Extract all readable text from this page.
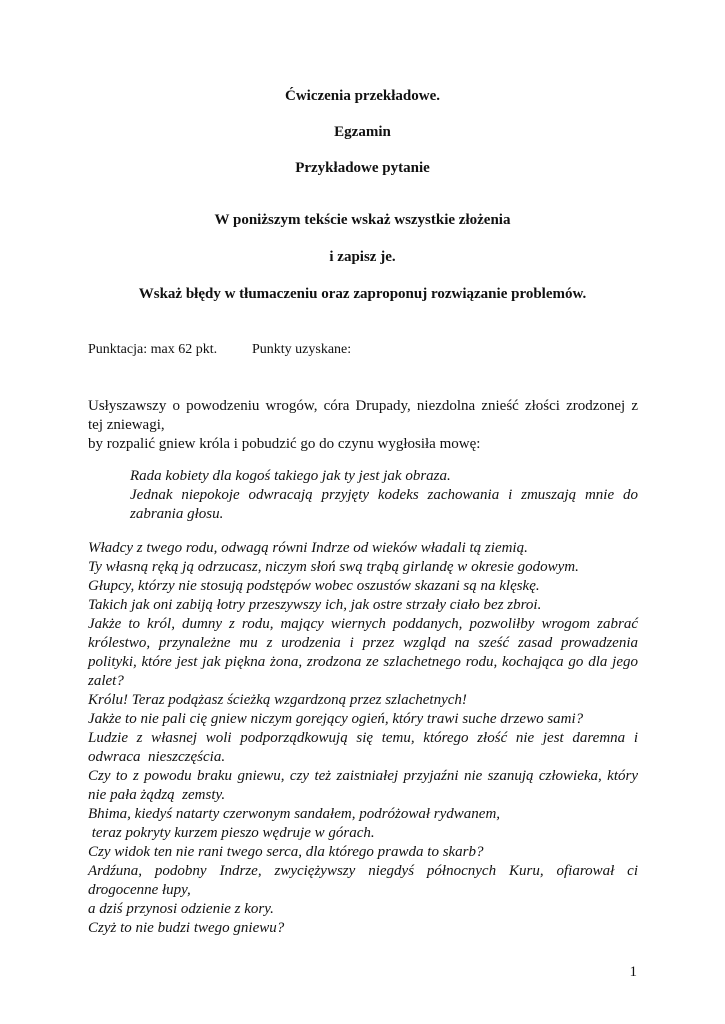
Ćwiczenia przekładowe.
Egzamin
Przykładowe pytanie
W poniższym tekście wskaż wszystkie złożenia
i zapisz je.
Wskaż błędy w tłumaczeniu oraz zaproponuj rozwiązanie problemów.
Punktacja: max 62 pkt. Punkty uzyskane:
Usłyszawszy o powodzeniu wrogów, córa Drupady, niezdolna znieść złości zrodzonej z
tej zniewagi,
by rozpalić gniew króla i pobudzić go do czynu wygłosiła mowę:
Rada kobiety dla kogoś takiego jak ty jest jak obraza.
Jednak niepokoje odwracają przyjęty kodeks zachowania i zmuszają mnie do
zabrania głosu.
Władcy z twego rodu, odwagą równi Indrze od wieków władali tą ziemią.
Ty własną ręką ją odrzucasz, niczym słoń swą trąbą girlandę w okresie godowym.
Głupcy, którzy nie stosują podstępów wobec oszustów skazani są na klęskę.
Takich jak oni zabiją łotry przeszywszy ich, jak ostre strzały ciało bez zbroi.
Jakże to król, dumny z rodu, mający wiernych poddanych, pozwoliłby wrogom zabrać
królestwo, przynależne mu z urodzenia i przez wzgląd na sześć zasad prowadzenia
polityki, które jest jak piękna żona, zrodzona ze szlachetnego rodu, kochająca go dla jego
zalet?
Królu! Teraz podążasz ścieżką wzgardzoną przez szlachetnych!
Jakże to nie pali cię gniew niczym gorejący ogień, który trawi suche drzewo sami?
Ludzie z własnej woli podporządkowują się temu, którego złość nie jest daremna i
odwraca  nieszczęścia.
Czy to z powodu braku gniewu, czy też zaistniałej przyjaźni nie szanują człowieka, który
nie pała żądzą  zemsty.
Bhima, kiedyś natarty czerwonym sandałem, podróżował rydwanem,
teraz pokryty kurzem pieszo wędruje w górach.
Czy widok ten nie rani twego serca, dla którego prawda to skarb?
Ardźuna, podobny Indrze, zwyciężywszy niegdyś północnych Kuru, ofiarował ci
drogocenne łupy,
a dziś przynosi odzienie z kory.
Czyż to nie budzi twego gniewu?
1
